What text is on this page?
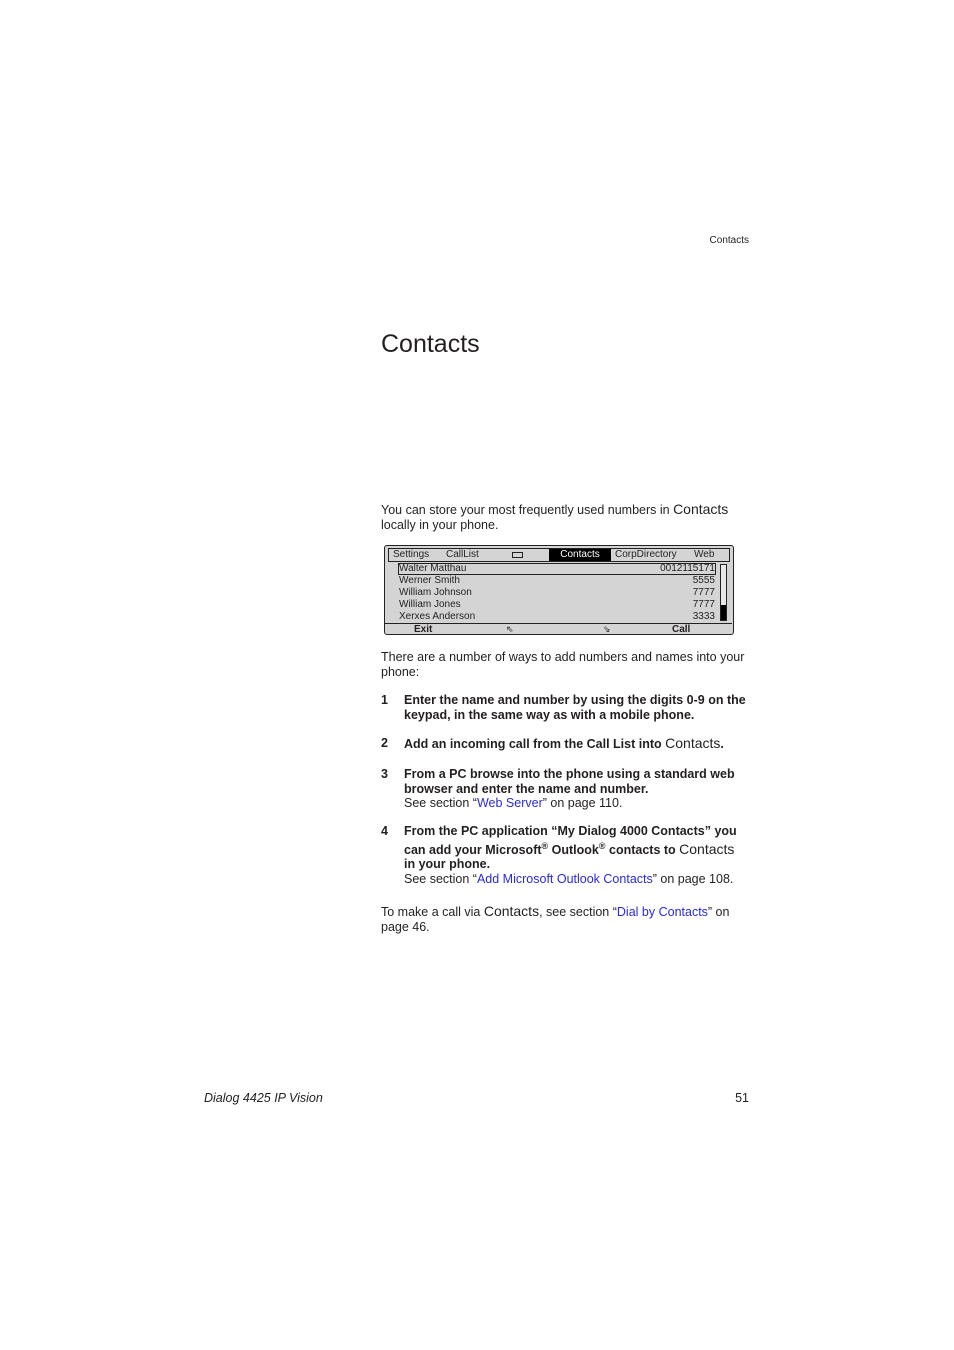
Contacts
Contacts
You can store your most frequently used numbers in Contacts
locally in your phone.
Settings CallList	Contacts	CorpDirectory Web
Walter Matthau	0012115171
Werner Smith	5555
William Johnson	7777
William Jones	7777
Xerxes Anderson	3333
Exit	⇖	⇘	Call
There are a number of ways to add numbers and names into your phone:
1 Enter the name and number by using the digits 0-9 on the
keypad, in the same way as with a mobile phone.
2 Add an incoming call from the Call List into Contacts.
3 From a PC browse into the phone using a standard web
browser and enter the name and number.
See section “Web Server” on page 110.
4 From the PC application “My Dialog 4000 Contacts” you
can add your Microsoft® Outlook® contacts to Contacts
in your phone.
See section “Add Microsoft Outlook Contacts” on page 108.
To make a call via Contacts, see section “Dial by Contacts” on
page 46.
Dialog 4425 IP Vision	51
